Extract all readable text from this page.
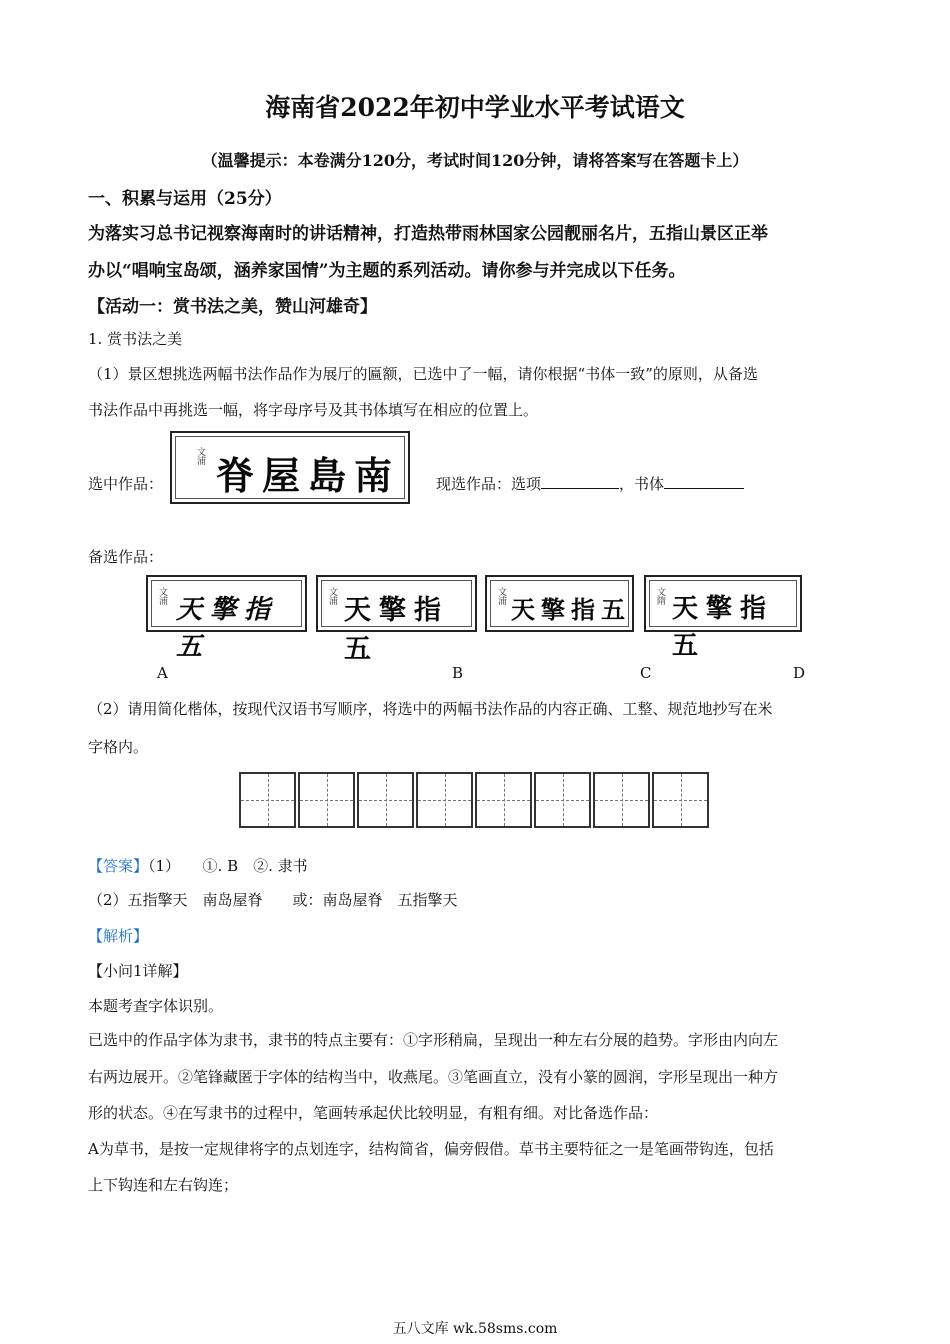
海南省2022年初中学业水平考试语文
（温馨提示：本卷满分120分，考试时间120分钟，请将答案写在答题卡上）
一、积累与运用（25分）
为落实习总书记视察海南时的讲话精神，打造热带雨林国家公园靓丽名片，五指山景区正举
办以“唱响宝岛颂，涵养家国情”为主题的系列活动。请你参与并完成以下任务。
【活动一：赏书法之美，赞山河雄奇】
1. 赏书法之美
（1）景区想挑选两幅书法作品作为展厅的匾额，已选中了一幅，请你根据“书体一致”的原则，从备选
书法作品中再挑选一幅，将字母序号及其书体填写在相应的位置上。
选中作品：
文浦 脊屋島南 现选作品：选项	，书体
备选作品：
文浦 天擎指五
文浦 天擎指五
文浦 天擎指五	文隋 天擎指五
A	B	C	D
（2）请用简化楷体，按现代汉语书写顺序，将选中的两幅书法作品的内容正确、工整、规范地抄写在米
字格内。
【答案】（1）　　①. B　②. 隶书
（2）五指擎天　南岛屋脊　　或：南岛屋脊　五指擎天
【解析】
【小问1详解】
本题考查字体识别。
已选中的作品字体为隶书，隶书的特点主要有：①字形稍扁，呈现出一种左右分展的趋势。字形由内向左
右两边展开。②笔锋藏匿于字体的结构当中，收燕尾。③笔画直立，没有小篆的圆润，字形呈现出一种方
形的状态。④在写隶书的过程中，笔画转承起伏比较明显，有粗有细。对比备选作品：
A为草书，是按一定规律将字的点划连字，结构简省，偏旁假借。草书主要特征之一是笔画带钩连，包括
上下钩连和左右钩连；
五八文库 wk.58sms.com
